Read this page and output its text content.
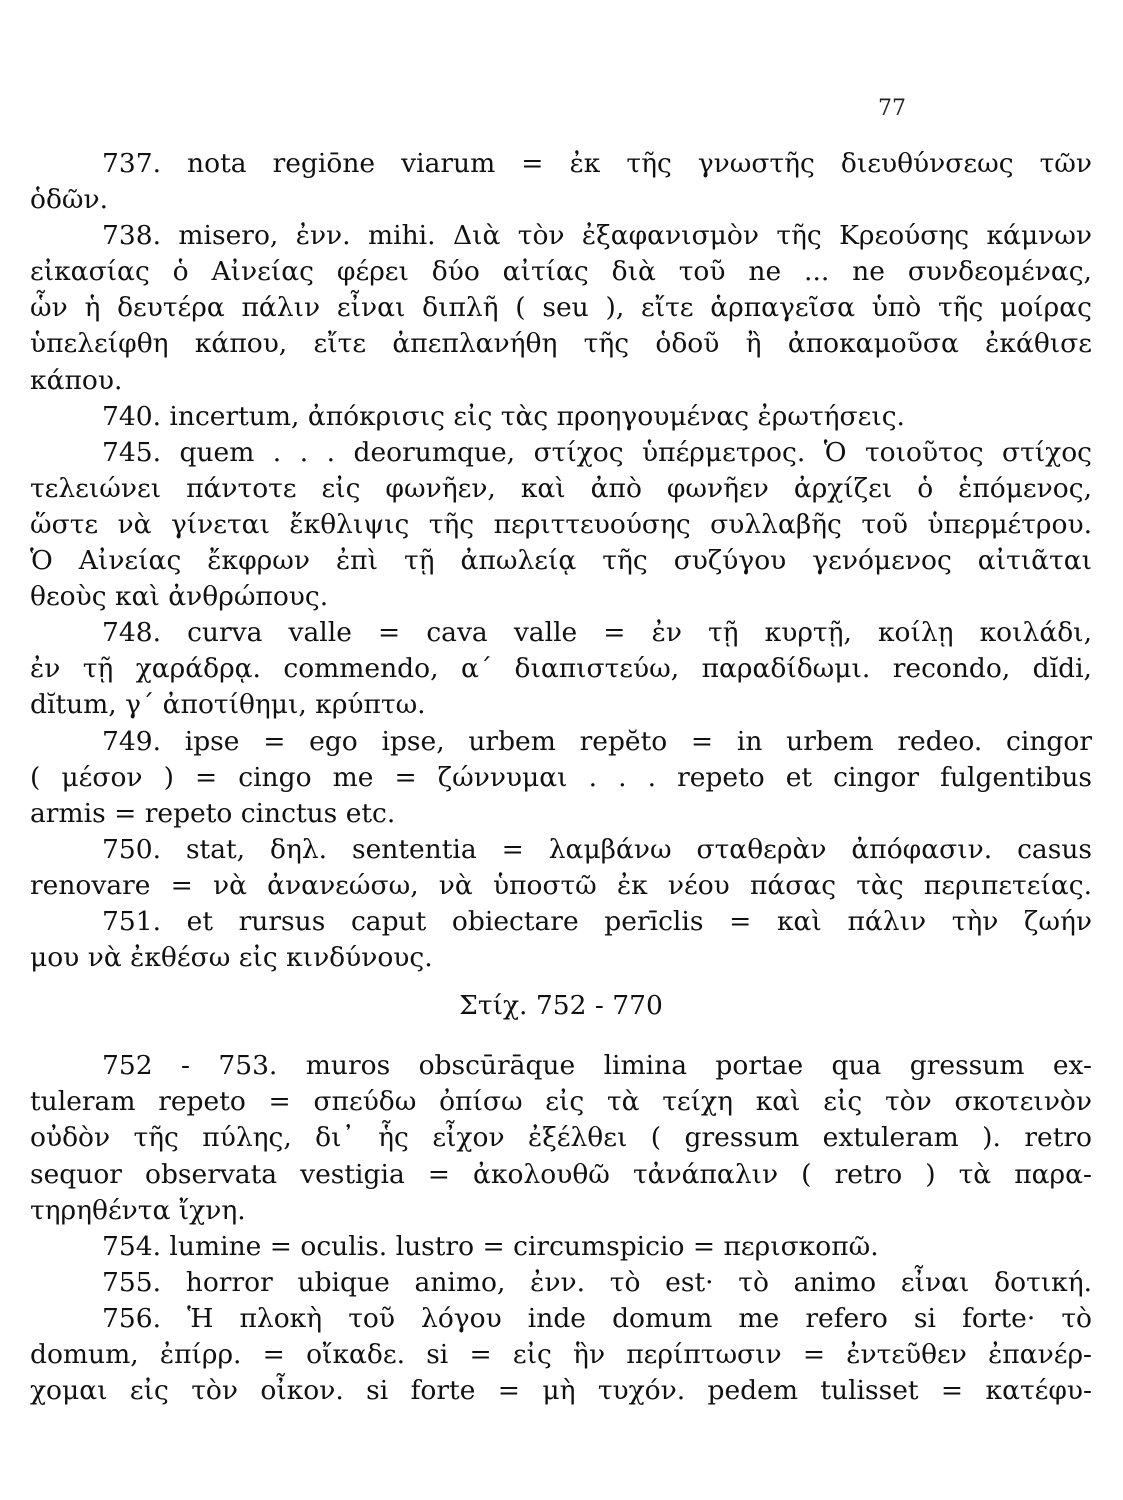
77
737. nota regiōne viarum = ἐκ τῆς γνωστῆς διευθύνσεως τῶν
ὁδῶν.
738. misero, ἐνν. mihi. Διὰ τὸν ἐξαφανισμὸν τῆς Κρεούσης κάμνων
εἰκασίας ὁ Αἰνείας φέρει δύο αἰτίας διὰ τοῦ ne ... ne συνδεομένας,
ὧν ἡ δευτέρα πάλιν εἶναι διπλῆ ( seu ), εἴτε ἁρπαγεῖσα ὑπὸ τῆς μοίρας
ὑπελείφθη κάπου, εἴτε ἀπεπλανήθη τῆς ὁδοῦ ἢ ἀποκαμοῦσα ἐκάθισε
κάπου.
740. incertum, ἀπόκρισις εἰς τὰς προηγουμένας ἐρωτήσεις.
745. quem . . . deorumque, στίχος ὑπέρμετρος. Ὁ τοιοῦτος στίχος
τελειώνει πάντοτε εἰς φωνῆεν, καὶ ἀπὸ φωνῆεν ἀρχίζει ὁ ἑπόμενος,
ὥστε νὰ γίνεται ἔκθλιψις τῆς περιττευούσης συλλαβῆς τοῦ ὑπερμέτρου.
Ὁ Αἰνείας ἔκφρων ἐπὶ τῇ ἀπωλείᾳ τῆς συζύγου γενόμενος αἰτιᾶται
θεοὺς καὶ ἀνθρώπους.
748. curva valle = cava valle = ἐν τῇ κυρτῇ, κοίλῃ κοιλάδι,
ἐν τῇ χαράδρᾳ. commendo, α΄ διαπιστεύω, παραδίδωμι. recondo, dĭdi,
dĭtum, γ΄ ἀποτίθημι, κρύπτω.
749. ipse = ego ipse, urbem repĕto = in urbem redeo. cingor
( μέσον ) = cingo me = ζώννυμαι . . . repeto et cingor fulgentibus
armis = repeto cinctus etc.
750. stat, δηλ. sententia = λαμβάνω σταθερὰν ἀπόφασιν. casus
renovare = νὰ ἀνανεώσω, νὰ ὑποστῶ ἐκ νέου πάσας τὰς περιπετείας.
751. et rursus caput obiectare perīclis = καὶ πάλιν τὴν ζωήν
μου νὰ ἐκθέσω εἰς κινδύνους.
Στίχ. 752 - 770
752 - 753. muros obscūrāque limina portae qua gressum ex-
tuleram repeto = σπεύδω ὀπίσω εἰς τὰ τείχη καὶ εἰς τὸν σκοτεινὸν
οὐδὸν τῆς πύλης, δι᾽ ἧς εἶχον ἐξέλθει ( gressum extuleram ). retro
sequor observata vestigia = ἀκολουθῶ τἀνάπαλιν ( retro ) τὰ παρα-
τηρηθέντα ἴχνη.
754. lumine = oculis. lustro = circumspicio = περισκοπῶ.
755. horror ubique animo, ἐνν. τὸ est· τὸ animo εἶναι δοτική.
756. Ἡ πλοκὴ τοῦ λόγου inde domum me refero si forte· τὸ
domum, ἐπίρρ. = οἴκαδε. si = εἰς ἣν περίπτωσιν = ἐντεῦθεν ἐπανέρ-
χομαι εἰς τὸν οἶκον. si forte = μὴ τυχόν. pedem tulisset = κατέφυ-
